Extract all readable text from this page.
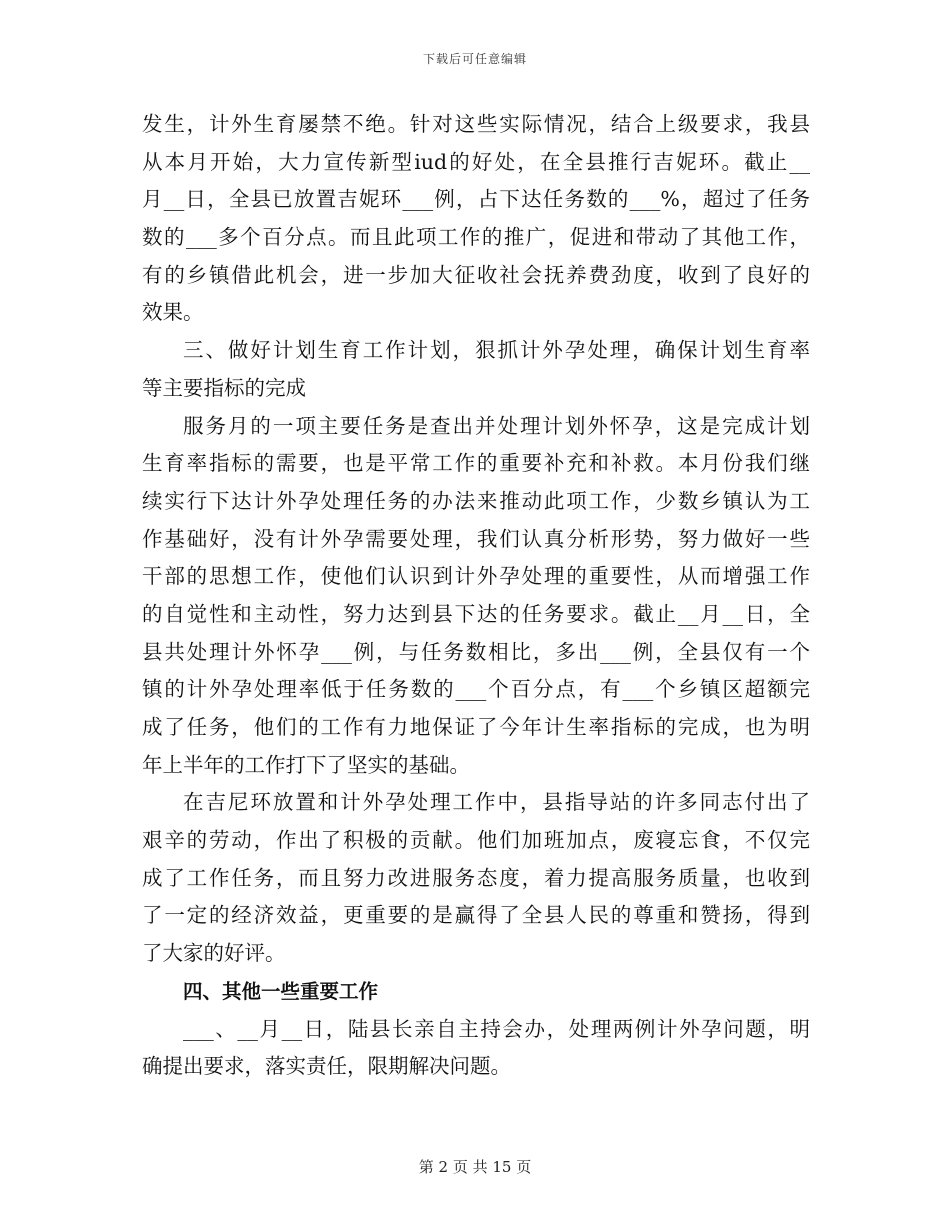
下载后可任意编辑
发生，计外生育屡禁不绝。针对这些实际情况，结合上级要求，我县
从本月开始，大力宣传新型iud的好处，在全县推行吉妮环。截止__
月__日，全县已放置吉妮环___例，占下达任务数的___%，超过了任务
数的___多个百分点。而且此项工作的推广，促进和带动了其他工作，
有的乡镇借此机会，进一步加大征收社会抚养费劲度，收到了良好的
效果。
三、做好计划生育工作计划，狠抓计外孕处理，确保计划生育率
等主要指标的完成
服务月的一项主要任务是查出并处理计划外怀孕，这是完成计划
生育率指标的需要，也是平常工作的重要补充和补救。本月份我们继
续实行下达计外孕处理任务的办法来推动此项工作，少数乡镇认为工
作基础好，没有计外孕需要处理，我们认真分析形势，努力做好一些
干部的思想工作，使他们认识到计外孕处理的重要性，从而增强工作
的自觉性和主动性，努力达到县下达的任务要求。截止__月__日，全
县共处理计外怀孕___例，与任务数相比，多出___例，全县仅有一个
镇的计外孕处理率低于任务数的___个百分点，有___个乡镇区超额完
成了任务，他们的工作有力地保证了今年计生率指标的完成，也为明
年上半年的工作打下了坚实的基础。
在吉尼环放置和计外孕处理工作中，县指导站的许多同志付出了
艰辛的劳动，作出了积极的贡献。他们加班加点，废寝忘食，不仅完
成了工作任务，而且努力改进服务态度，着力提高服务质量，也收到
了一定的经济效益，更重要的是赢得了全县人民的尊重和赞扬，得到
了大家的好评。
四、其他一些重要工作
___、__月__日，陆县长亲自主持会办，处理两例计外孕问题，明
确提出要求，落实责任，限期解决问题。
第 2 页 共 15 页
